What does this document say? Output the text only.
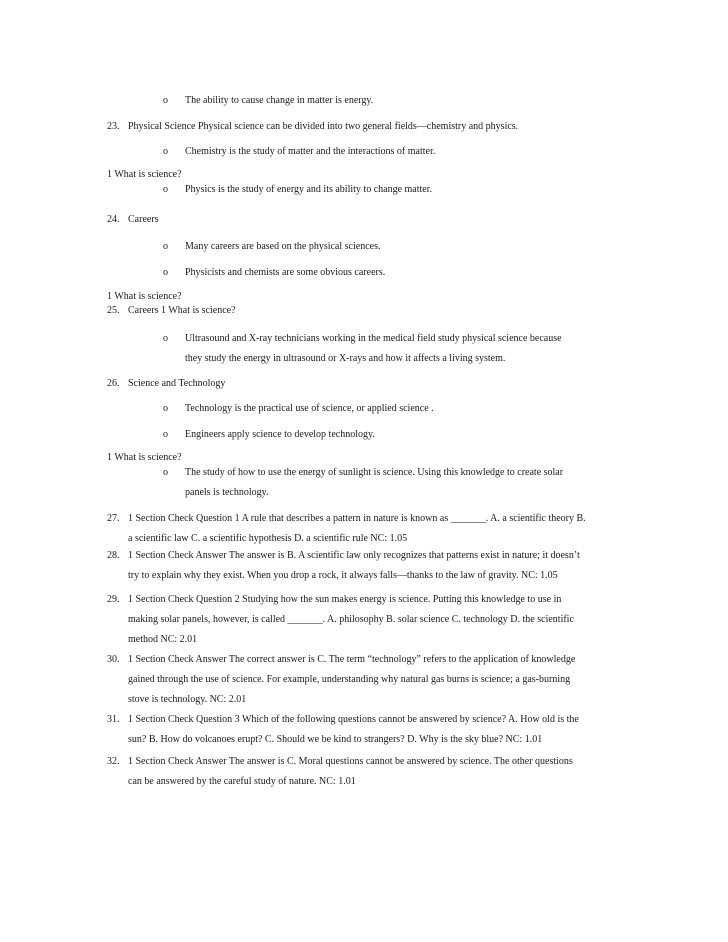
o The ability to cause change in matter is energy.
23. Physical Science Physical science can be divided into two general fields—chemistry and physics.
o Chemistry is the study of matter and the interactions of matter.
1 What is science?
o Physics is the study of energy and its ability to change matter.
24. Careers
o Many careers are based on the physical sciences.
o Physicists and chemists are some obvious careers.
1 What is science?
25. Careers 1 What is science?
o Ultrasound and X-ray technicians working in the medical field study physical science because
they study the energy in ultrasound or X-rays and how it affects a living system.
26. Science and Technology
o Technology is the practical use of science, or applied science .
o Engineers apply science to develop technology.
1 What is science?
o The study of how to use the energy of sunlight is science. Using this knowledge to create solar
panels is technology.
27. 1 Section Check Question 1 A rule that describes a pattern in nature is known as _______. A. a scientific theory B.
a scientific law C. a scientific hypothesis D. a scientific rule NC: 1.05
28. 1 Section Check Answer The answer is B. A scientific law only recognizes that patterns exist in nature; it doesn’t
try to explain why they exist. When you drop a rock, it always falls—thanks to the law of gravity. NC: 1.05
29. 1 Section Check Question 2 Studying how the sun makes energy is science. Putting this knowledge to use in
making solar panels, however, is called _______. A. philosophy B. solar science C. technology D. the scientific
method NC: 2.01
30. 1 Section Check Answer The correct answer is C. The term “technology” refers to the application of knowledge
gained through the use of science. For example, understanding why natural gas burns is science; a gas-burning
stove is technology. NC: 2.01
31. 1 Section Check Question 3 Which of the following questions cannot be answered by science? A. How old is the
sun? B. How do volcanoes erupt? C. Should we be kind to strangers? D. Why is the sky blue? NC: 1.01
32. 1 Section Check Answer The answer is C. Moral questions cannot be answered by science. The other questions
can be answered by the careful study of nature. NC: 1.01
